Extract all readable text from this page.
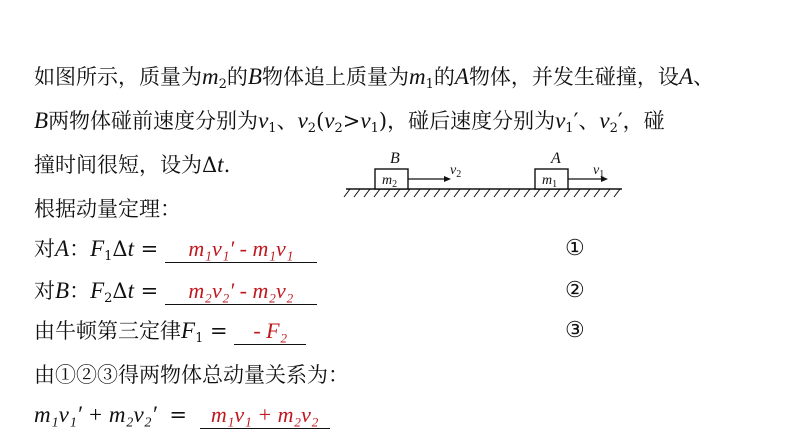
如图所示，质量为$m_2$的B物体追上质量为$m_1$的A物体，并发生碰撞，设A、
B两物体碰前速度分别为$v_1$、$v_2(v_2>v_1)$，碰后速度分别为$v_1'$、$v_2'$，碰
撞时间很短，设为Δt.	B
$m_2$
$v_2$
A
$m_1$
$v_1$
根据动量定理：
对A：$F_1\Delta t = m_1v_1' - m_1v_1$	①
对B：$F_2\Delta t = m_2v_2' - m_2v_2$	②
由牛顿第三定律$F_1$ = - F₂	③
由①②③得两物体总动量关系为：
m₁v₁′ + m₂v₂′ = m₁v₁ + m₂v₂
